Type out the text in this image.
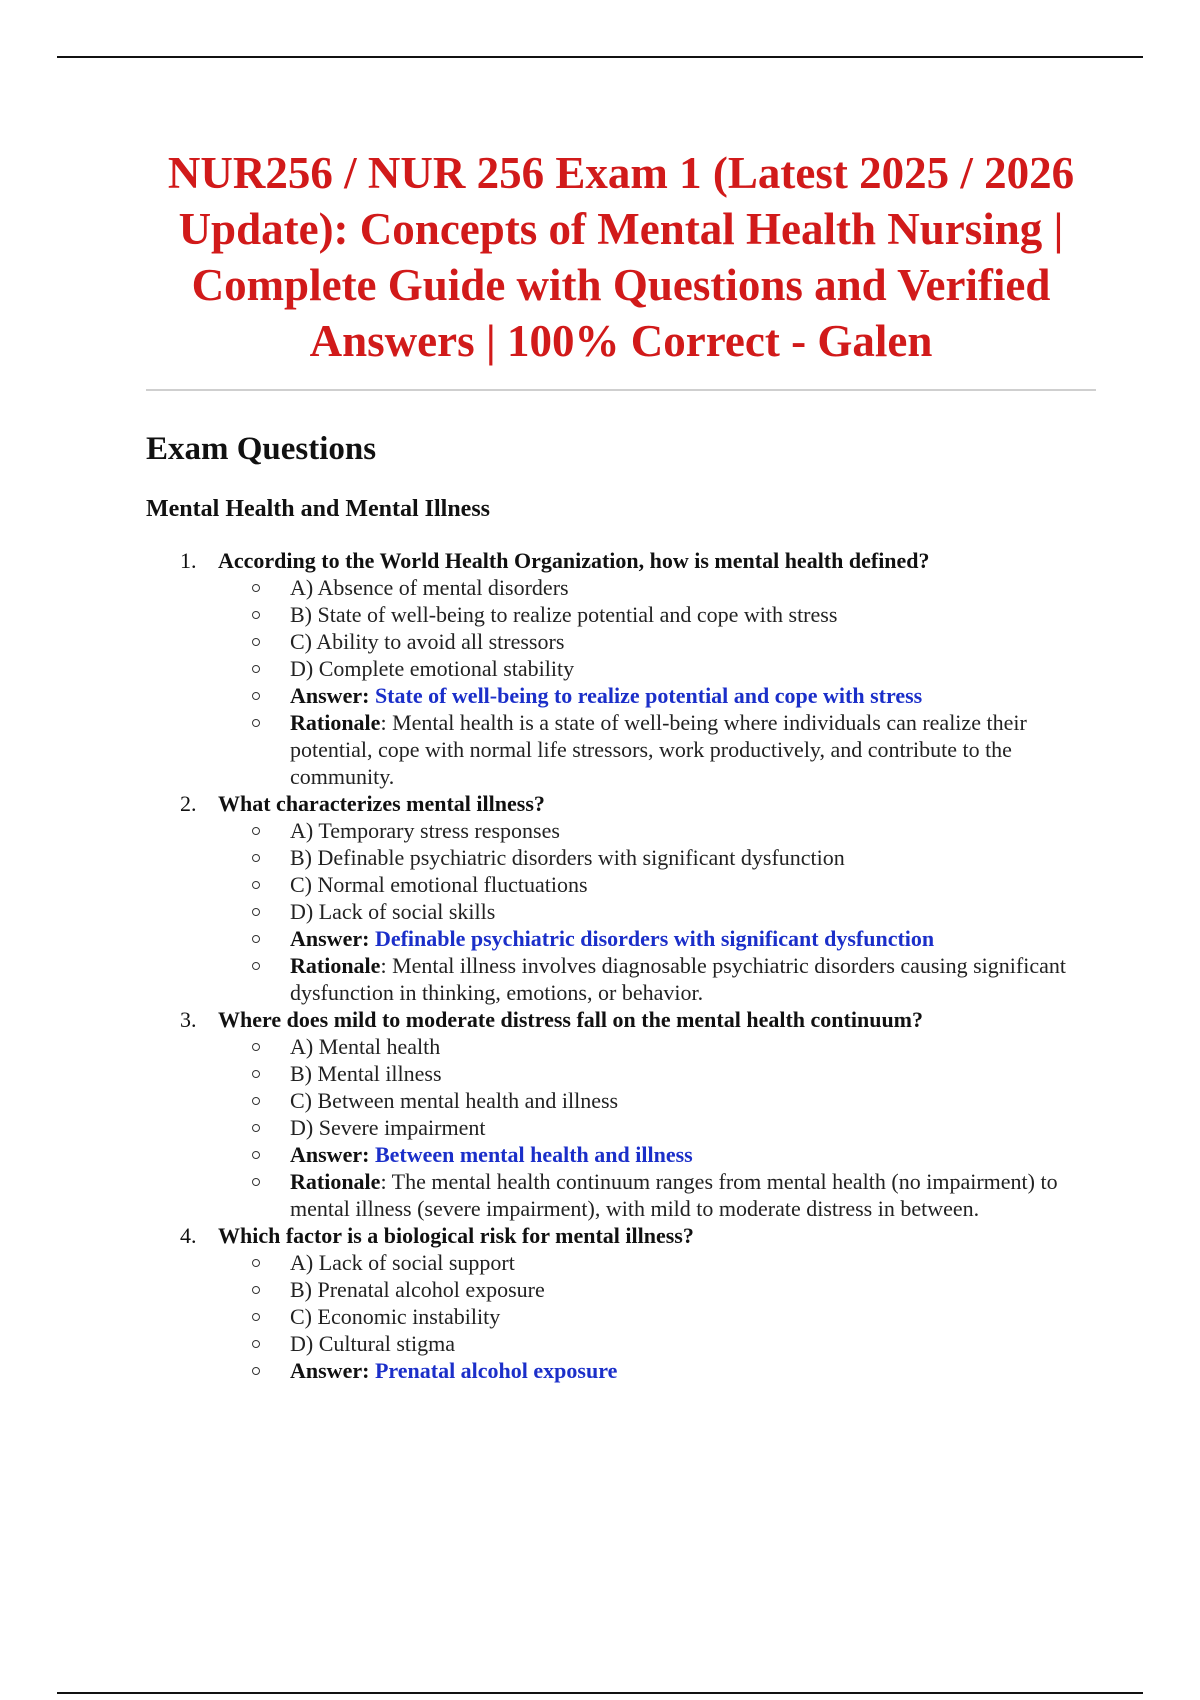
NUR256 / NUR 256 Exam 1 (Latest 2025 / 2026 Update): Concepts of Mental Health Nursing | Complete Guide with Questions and Verified Answers | 100% Correct - Galen
Exam Questions
Mental Health and Mental Illness
1. According to the World Health Organization, how is mental health defined?
A) Absence of mental disorders
B) State of well-being to realize potential and cope with stress
C) Ability to avoid all stressors
D) Complete emotional stability
Answer: State of well-being to realize potential and cope with stress
Rationale: Mental health is a state of well-being where individuals can realize their potential, cope with normal life stressors, work productively, and contribute to the community.
2. What characterizes mental illness?
A) Temporary stress responses
B) Definable psychiatric disorders with significant dysfunction
C) Normal emotional fluctuations
D) Lack of social skills
Answer: Definable psychiatric disorders with significant dysfunction
Rationale: Mental illness involves diagnosable psychiatric disorders causing significant dysfunction in thinking, emotions, or behavior.
3. Where does mild to moderate distress fall on the mental health continuum?
A) Mental health
B) Mental illness
C) Between mental health and illness
D) Severe impairment
Answer: Between mental health and illness
Rationale: The mental health continuum ranges from mental health (no impairment) to mental illness (severe impairment), with mild to moderate distress in between.
4. Which factor is a biological risk for mental illness?
A) Lack of social support
B) Prenatal alcohol exposure
C) Economic instability
D) Cultural stigma
Answer: Prenatal alcohol exposure
